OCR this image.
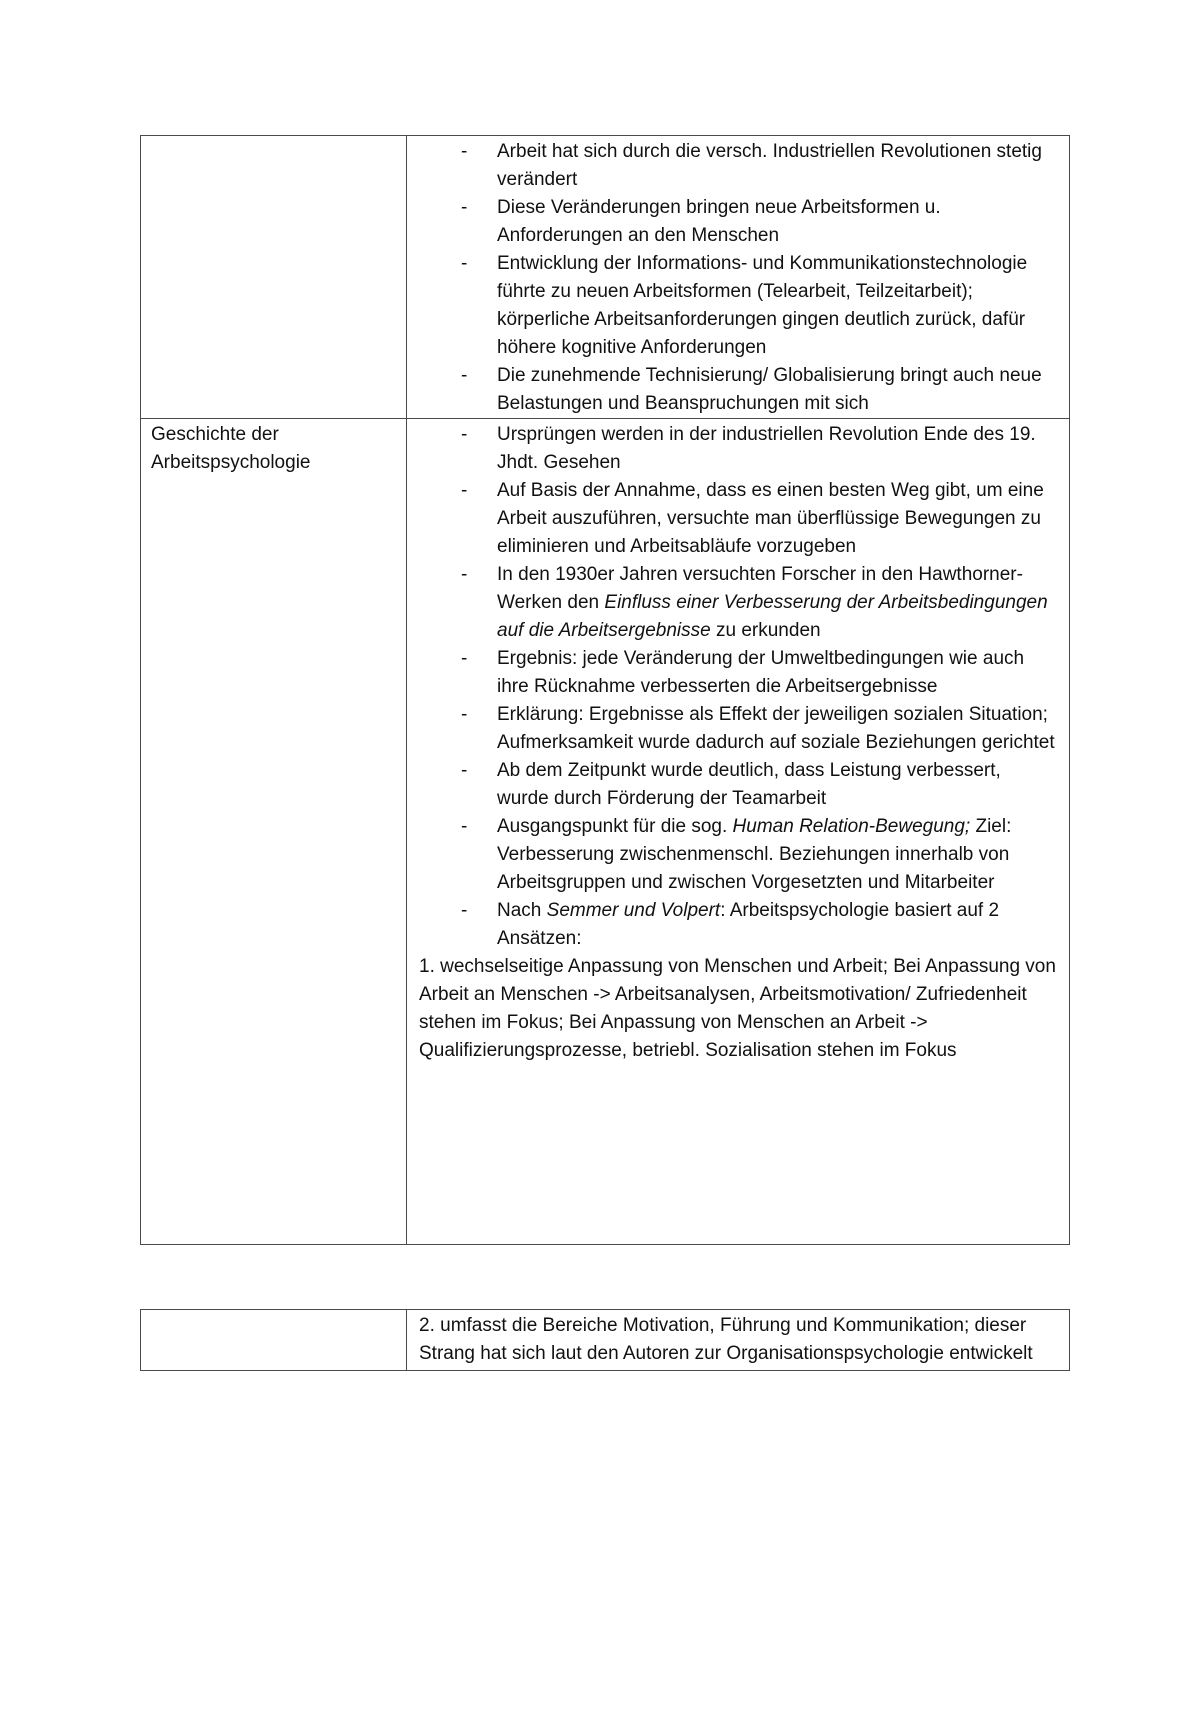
- Arbeit hat sich durch die versch. Industriellen Revolutionen stetig verändert
- Diese Veränderungen bringen neue Arbeitsformen u. Anforderungen an den Menschen
- Entwicklung der Informations- und Kommunikationstechnologie führte zu neuen Arbeitsformen (Telearbeit, Teilzeitarbeit); körperliche Arbeitsanforderungen gingen deutlich zurück, dafür höhere kognitive Anforderungen
- Die zunehmende Technisierung/ Globalisierung bringt auch neue Belastungen und Beanspruchungen mit sich
Geschichte der Arbeitspsychologie
- Ursprüngen werden in der industriellen Revolution Ende des 19. Jhdt. Gesehen
- Auf Basis der Annahme, dass es einen besten Weg gibt, um eine Arbeit auszuführen, versuchte man überflüssige Bewegungen zu eliminieren und Arbeitsabläufe vorzugeben
- In den 1930er Jahren versuchten Forscher in den Hawthorner-Werken den Einfluss einer Verbesserung der Arbeitsbedingungen auf die Arbeitsergebnisse zu erkunden
- Ergebnis: jede Veränderung der Umweltbedingungen wie auch ihre Rücknahme verbesserten die Arbeitsergebnisse
- Erklärung: Ergebnisse als Effekt der jeweiligen sozialen Situation; Aufmerksamkeit wurde dadurch auf soziale Beziehungen gerichtet
- Ab dem Zeitpunkt wurde deutlich, dass Leistung verbessert, wurde durch Förderung der Teamarbeit
- Ausgangspunkt für die sog. Human Relation-Bewegung; Ziel: Verbesserung zwischenmenschl. Beziehungen innerhalb von Arbeitsgruppen und zwischen Vorgesetzten und Mitarbeiter
- Nach Semmer und Volpert: Arbeitspsychologie basiert auf 2 Ansätzen:

1. wechselseitige Anpassung von Menschen und Arbeit; Bei Anpassung von Arbeit an Menschen -> Arbeitsanalysen, Arbeitsmotivation/ Zufriedenheit stehen im Fokus; Bei Anpassung von Menschen an Arbeit -> Qualifizierungsprozesse, betriebl. Sozialisation stehen im Fokus

2. umfasst die Bereiche Motivation, Führung und Kommunikation; dieser Strang hat sich laut den Autoren zur Organisationspsychologie entwickelt
